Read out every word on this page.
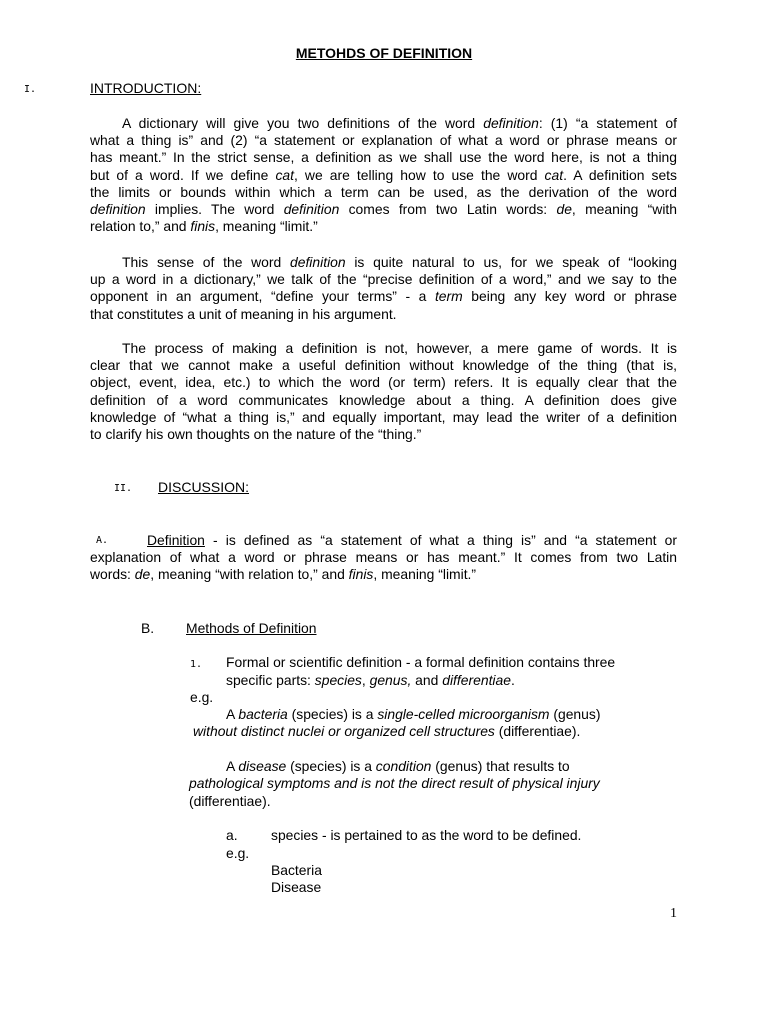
METOHDS OF DEFINITION
I.	INTRODUCTION:
A dictionary will give you two definitions of the word definition: (1) “a statement of
what a thing is” and (2) “a statement or explanation of what a word or phrase means or
has meant.” In the strict sense, a definition as we shall use the word here, is not a thing
but of a word. If we define cat, we are telling how to use the word cat. A definition sets
the limits or bounds within which a term can be used, as the derivation of the word
definition implies. The word definition comes from two Latin words: de, meaning “with
relation to,” and finis, meaning “limit.”
This sense of the word definition is quite natural to us, for we speak of “looking
up a word in a dictionary,” we talk of the “precise definition of a word,” and we say to the
opponent in an argument, “define your terms” - a term being any key word or phrase
that constitutes a unit of meaning in his argument.
The process of making a definition is not, however, a mere game of words. It is
clear that we cannot make a useful definition without knowledge of the thing (that is,
object, event, idea, etc.) to which the word (or term) refers. It is equally clear that the
definition of a word communicates knowledge about a thing. A definition does give
knowledge of “what a thing is,” and equally important, may lead the writer of a definition
to clarify his own thoughts on the nature of the “thing.”
II. DISCUSSION:
A.	Definition - is defined as “a statement of what a thing is” and “a statement or
explanation of what a word or phrase means or has meant.” It comes from two Latin
words: de, meaning “with relation to,” and finis, meaning “limit.”
B. Methods of Definition
1. Formal or scientific definition - a formal definition contains three
specific parts: species, genus, and differentiae.
e.g.
A bacteria (species) is a single-celled microorganism (genus)
without distinct nuclei or organized cell structures (differentiae).
A disease (species) is a condition (genus) that results to
pathological symptoms and is not the direct result of physical injury
(differentiae).
a. species - is pertained to as the word to be defined.
e.g.
Bacteria
Disease
1
